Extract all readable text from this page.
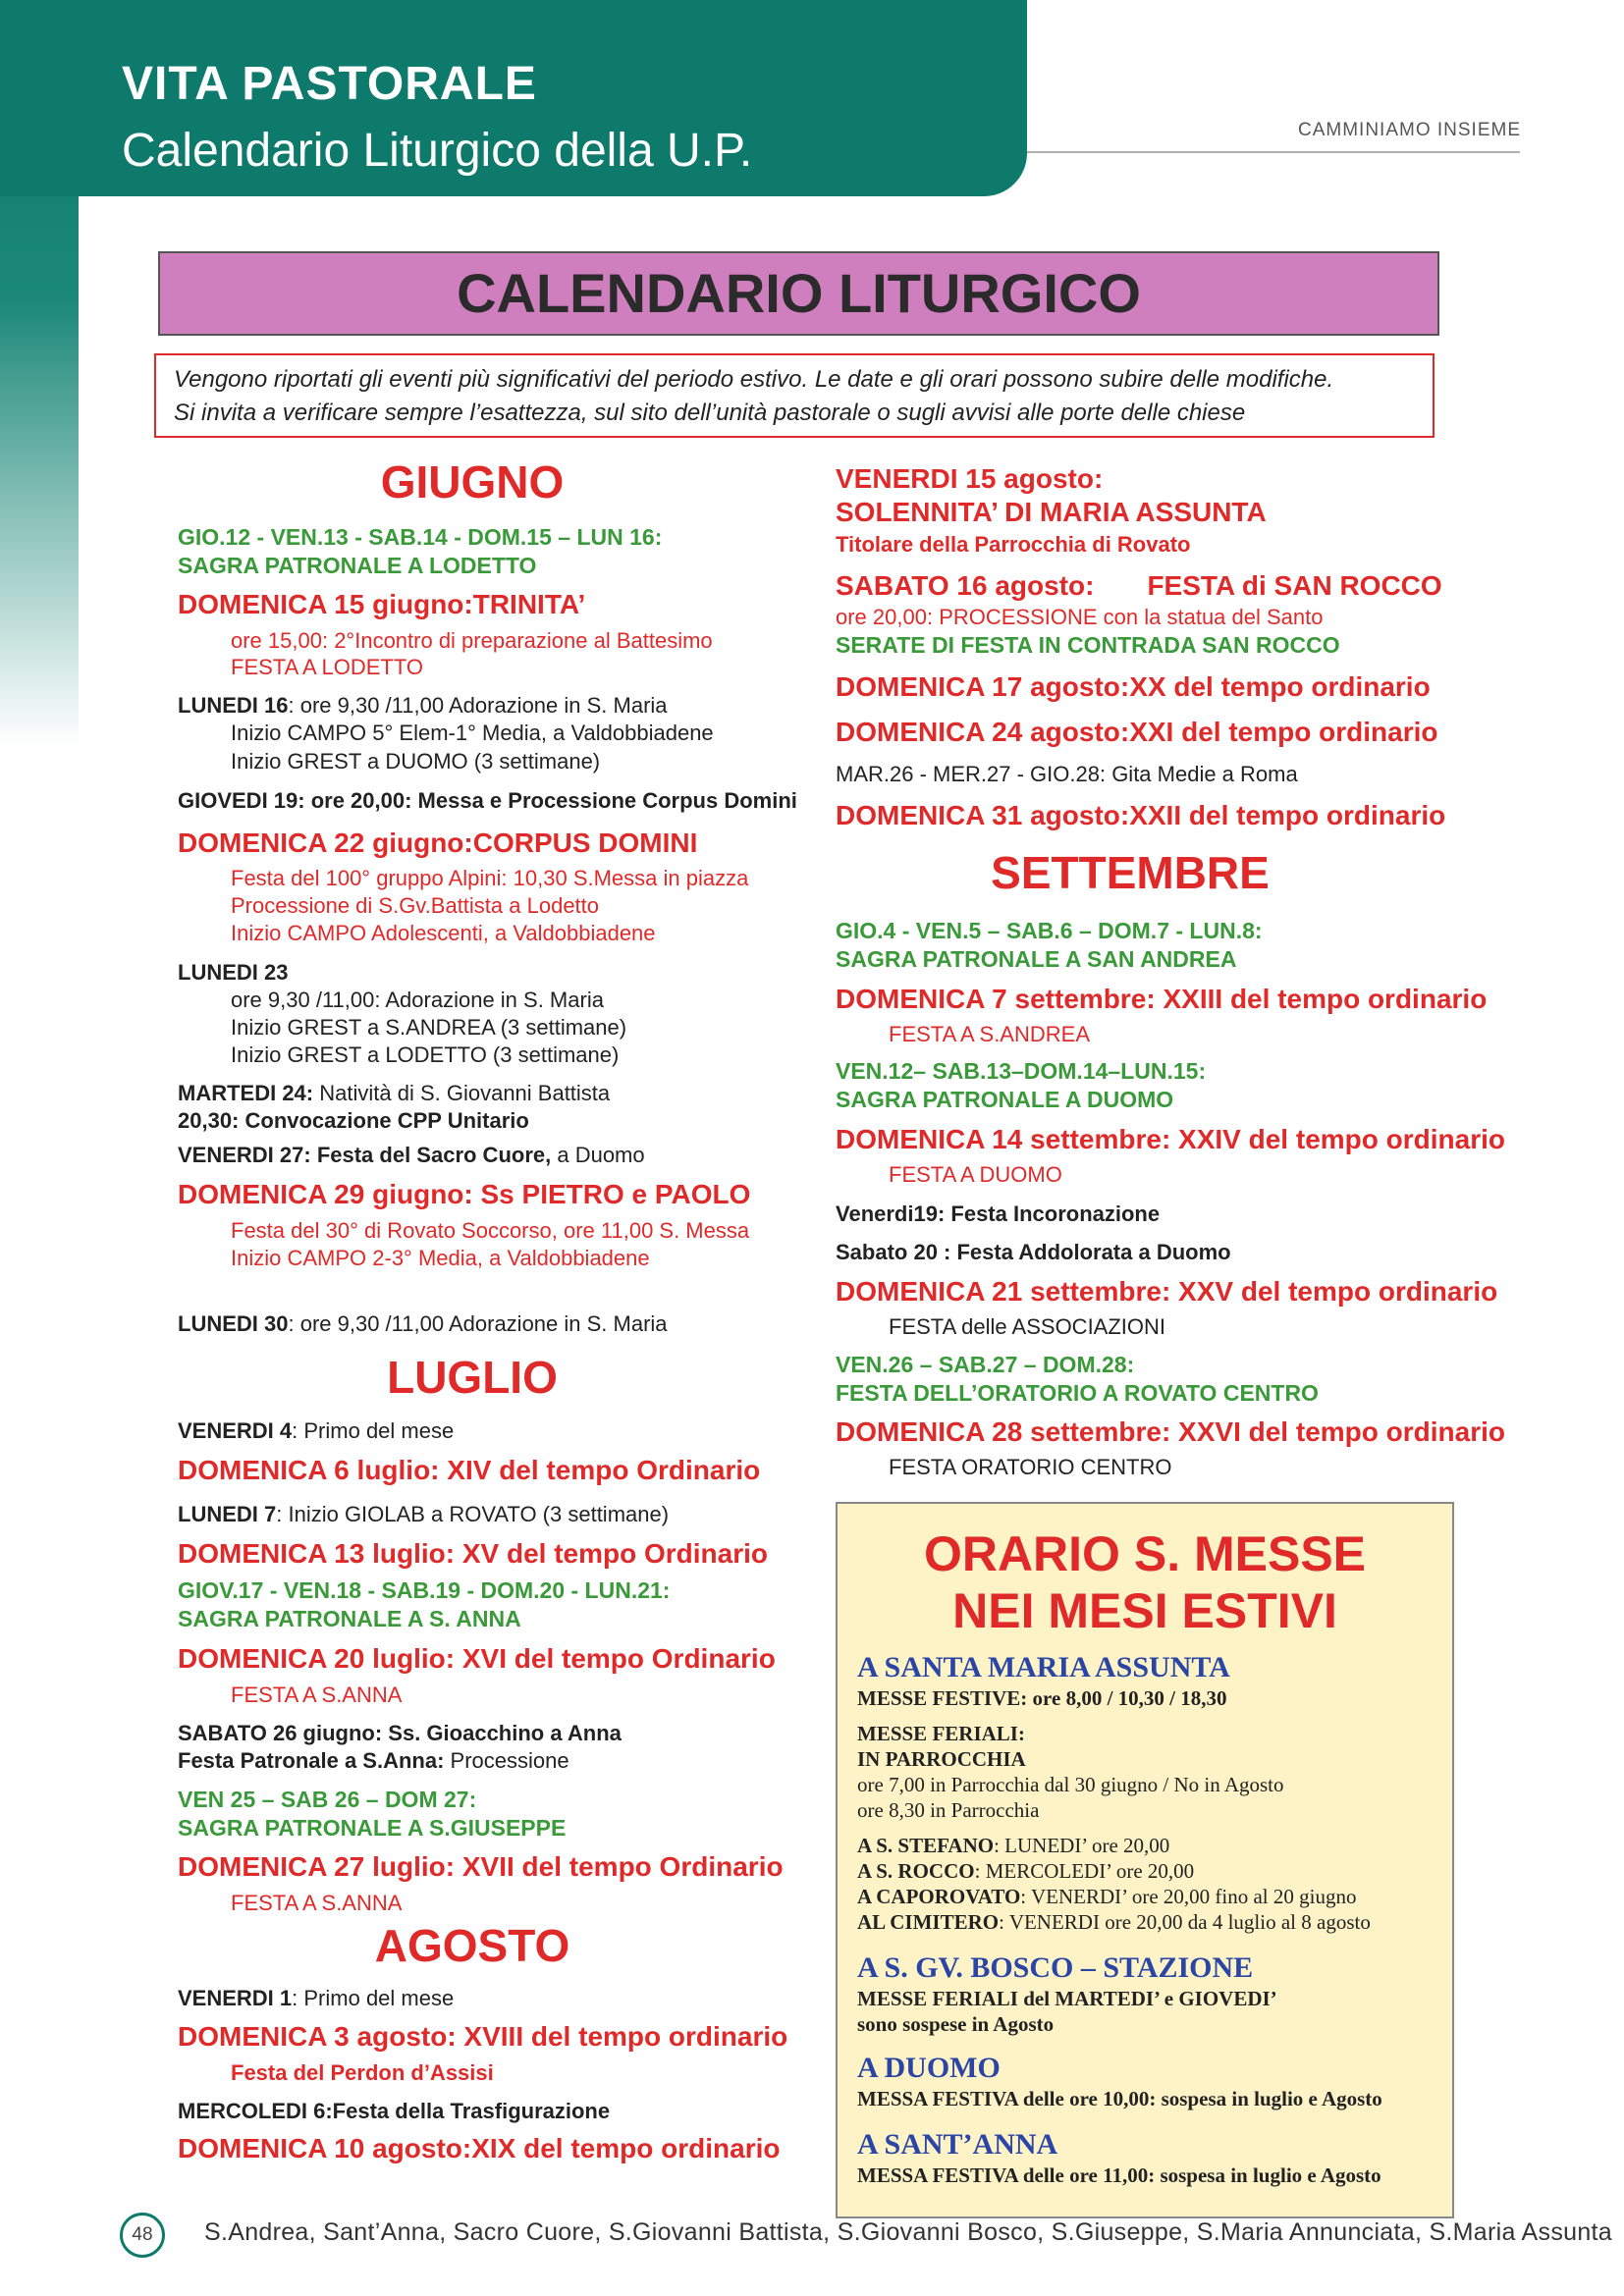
VITA PASTORALE
Calendario Liturgico della U.P.	CAMMINIAMO INSIEME
CALENDARIO LITURGICO
Vengono riportati gli eventi più significativi del periodo estivo. Le date e gli orari possono subire delle modifiche.
Si invita a verificare sempre l’esattezza, sul sito dell’unità pastorale o sugli avvisi alle porte delle chiese
GIUGNO
GIO.12 - VEN.13 - SAB.14 - DOM.15 – LUN 16:
SAGRA PATRONALE A LODETTO
DOMENICA 15 giugno:TRINITA’
ore 15,00: 2°Incontro di preparazione al Battesimo
FESTA A LODETTO
LUNEDI 16: ore 9,30 /11,00 Adorazione in S. Maria
Inizio CAMPO 5° Elem-1° Media, a Valdobbiadene
Inizio GREST a DUOMO (3 settimane)
GIOVEDI 19: ore 20,00: Messa e Processione Corpus Domini
DOMENICA 22 giugno:CORPUS DOMINI
Festa del 100° gruppo Alpini: 10,30 S.Messa in piazza
Processione di S.Gv.Battista a Lodetto
Inizio CAMPO Adolescenti, a Valdobbiadene
LUNEDI 23
ore 9,30 /11,00: Adorazione in S. Maria
Inizio GREST a S.ANDREA (3 settimane)
Inizio GREST a LODETTO (3 settimane)
MARTEDI 24: Natività di S. Giovanni Battista
20,30: Convocazione CPP Unitario
VENERDI 27: Festa del Sacro Cuore, a Duomo
DOMENICA 29 giugno: Ss PIETRO e PAOLO
Festa del 30° di Rovato Soccorso, ore 11,00 S. Messa
Inizio CAMPO 2-3° Media, a Valdobbiadene
LUNEDI 30: ore 9,30 /11,00 Adorazione in S. Maria
LUGLIO
VENERDI 4: Primo del mese
DOMENICA 6 luglio: XIV del tempo Ordinario
LUNEDI 7: Inizio GIOLAB a ROVATO (3 settimane)
DOMENICA 13 luglio: XV del tempo Ordinario
GIOV.17 - VEN.18 - SAB.19 - DOM.20 - LUN.21:
SAGRA PATRONALE A S. ANNA
DOMENICA 20 luglio: XVI del tempo Ordinario
FESTA A S.ANNA
SABATO 26 giugno: Ss. Gioacchino a Anna
Festa Patronale a S.Anna: Processione
VEN 25 – SAB 26 – DOM 27:
SAGRA PATRONALE A S.GIUSEPPE
DOMENICA 27 luglio: XVII del tempo Ordinario
FESTA A S.ANNA
AGOSTO
VENERDI 1: Primo del mese
DOMENICA 3 agosto: XVIII del tempo ordinario
Festa del Perdon d’Assisi
MERCOLEDI 6:Festa della Trasfigurazione
DOMENICA 10 agosto:XIX del tempo ordinario
VENERDI 15 agosto:
SOLENNITA’ DI MARIA ASSUNTA
Titolare della Parrocchia di Rovato
SABATO 16 agosto: FESTA di SAN ROCCO
ore 20,00: PROCESSIONE con la statua del Santo
SERATE DI FESTA IN CONTRADA SAN ROCCO
DOMENICA 17 agosto:XX del tempo ordinario
DOMENICA 24 agosto:XXI del tempo ordinario
MAR.26 - MER.27 - GIO.28: Gita Medie a Roma
DOMENICA 31 agosto:XXII del tempo ordinario
SETTEMBRE
GIO.4 - VEN.5 – SAB.6 – DOM.7 - LUN.8:
SAGRA PATRONALE A SAN ANDREA
DOMENICA 7 settembre: XXIII del tempo ordinario
FESTA A S.ANDREA
VEN.12– SAB.13–DOM.14–LUN.15:
SAGRA PATRONALE A DUOMO
DOMENICA 14 settembre: XXIV del tempo ordinario
FESTA A DUOMO
Venerdi19: Festa Incoronazione
Sabato 20 : Festa Addolorata a Duomo
DOMENICA 21 settembre: XXV del tempo ordinario
FESTA delle ASSOCIAZIONI
VEN.26 – SAB.27 – DOM.28:
FESTA DELL’ORATORIO A ROVATO CENTRO
DOMENICA 28 settembre: XXVI del tempo ordinario
FESTA ORATORIO CENTRO
ORARIO S. MESSE
NEI MESI ESTIVI
A SANTA MARIA ASSUNTA
MESSE FESTIVE: ore 8,00 / 10,30 / 18,30
MESSE FERIALI:
IN PARROCCHIA
ore 7,00 in Parrocchia dal 30 giugno / No in Agosto
ore 8,30 in Parrocchia
A S. STEFANO: LUNEDI’ ore 20,00
A S. ROCCO: MERCOLEDI’ ore 20,00
A CAPOROVATO: VENERDI’ ore 20,00 fino al 20 giugno
AL CIMITERO: VENERDI ore 20,00 da 4 luglio al 8 agosto
A S. GV. BOSCO – STAZIONE
MESSE FERIALI del MARTEDI’ e GIOVEDI’
sono sospese in Agosto
A DUOMO
MESSA FESTIVA delle ore 10,00: sospesa in luglio e Agosto
A SANT’ANNA
MESSA FESTIVA delle ore 11,00: sospesa in luglio e Agosto
48	S.Andrea, Sant’Anna, Sacro Cuore, S.Giovanni Battista, S.Giovanni Bosco, S.Giuseppe, S.Maria Annunciata, S.Maria Assunta
